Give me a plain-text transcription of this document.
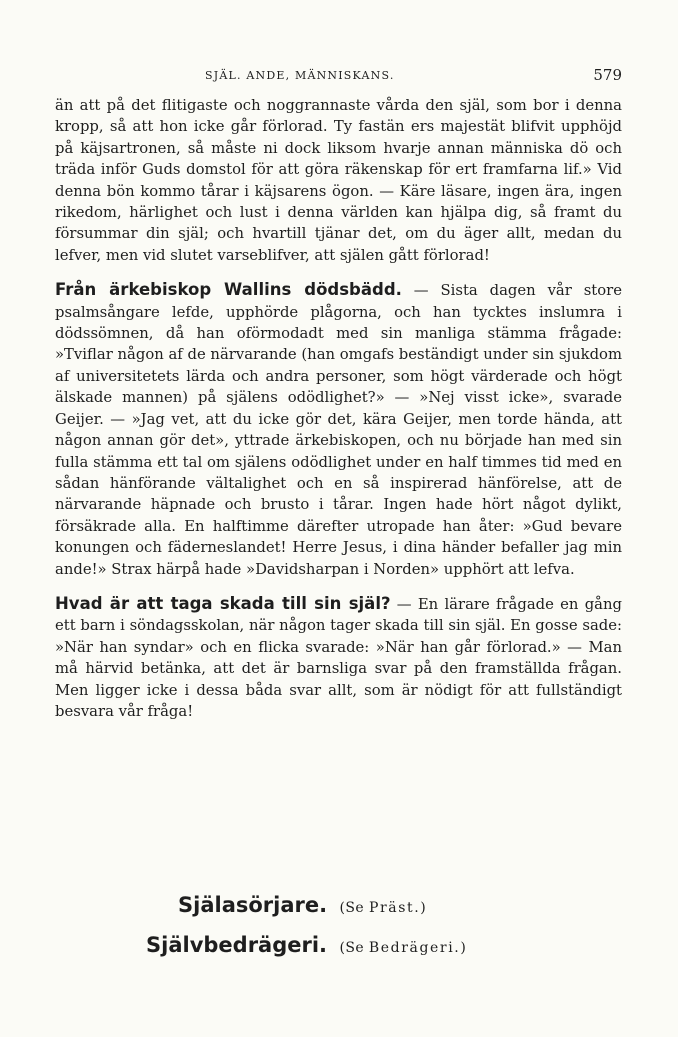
SJÄL. ANDE, MÄNNISKANS.	579

än att på det flitigaste och noggrannaste vårda den själ, som bor i denna kropp, så att hon icke går förlorad. Ty fastän ers majestät blifvit upphöjd på käjsartronen, så måste ni dock liksom hvarje annan människa dö och träda inför Guds domstol för att göra räkenskap för ert framfarna lif.» Vid denna bön kommo tårar i käjsarens ögon. — Käre läsare, ingen ära, ingen rikedom, härlighet och lust i denna världen kan hjälpa dig, så framt du försummar din själ; och hvartill tjänar det, om du äger allt, medan du lefver, men vid slutet varseblifver, att själen gått förlorad!

Från ärkebiskop Wallins dödsbädd. — Sista dagen vår store psalmsångare lefde, upphörde plågorna, och han tycktes inslumra i dödssömnen, då han oförmodadt med sin manliga stämma frågade: »Tviflar någon af de närvarande (han omgafs beständigt under sin sjukdom af universitetets lärda och andra personer, som högt värderade och högt älskade mannen) på själens odödlighet?» — »Nej visst icke», svarade Geijer. — »Jag vet, att du icke gör det, kära Geijer, men torde hända, att någon annan gör det», yttrade ärkebiskopen, och nu började han med sin fulla stämma ett tal om själens odödlighet under en half timmes tid med en sådan hänförande vältalighet och en så inspirerad hänförelse, att de närvarande häpnade och brusto i tårar. Ingen hade hört något dylikt, försäkrade alla. En halftimme därefter utropade han åter: »Gud bevare konungen och fäderneslandet! Herre Jesus, i dina händer befaller jag min ande!» Strax härpå hade »Davidsharpan i Norden» upphört att lefva.

Hvad är att taga skada till sin själ? — En lärare frågade en gång ett barn i söndagsskolan, när någon tager skada till sin själ. En gosse sade: »När han syndar» och en flicka svarade: »När han går förlorad.» — Man må härvid betänka, att det är barnsliga svar på den framställda frågan. Men ligger icke i dessa båda svar allt, som är nödigt för att fullständigt besvara vår fråga!

Själasörjare. (Se Präst.)
Självbedrägeri. (Se Bedrägeri.)
